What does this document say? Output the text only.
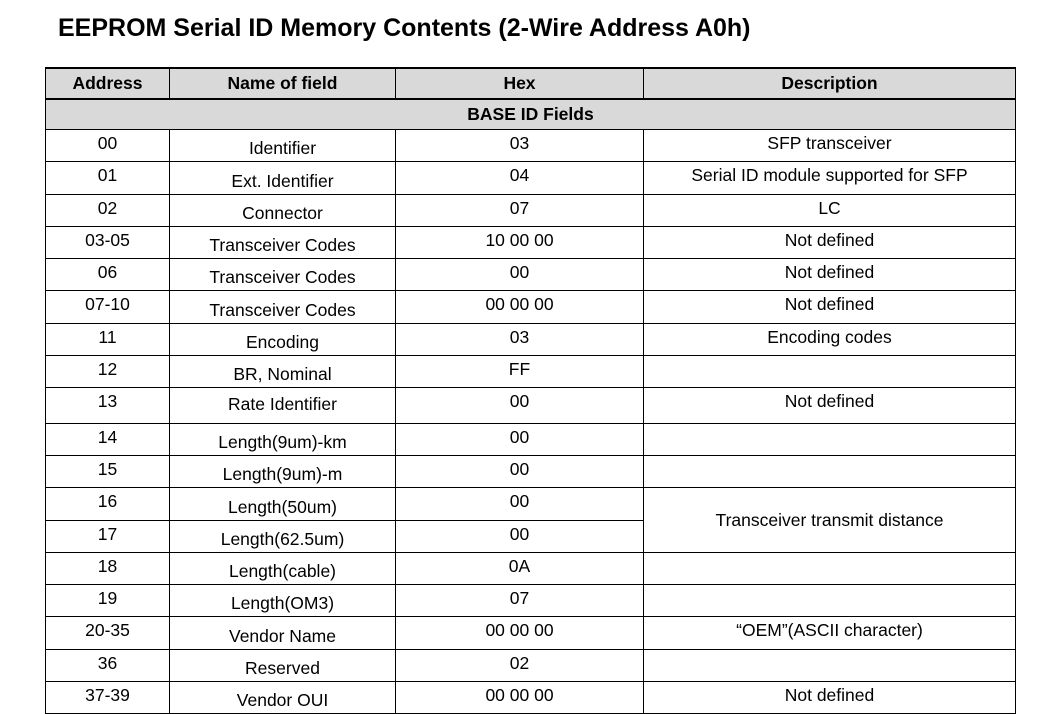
EEPROM Serial ID Memory Contents (2-Wire Address A0h)
Address	Name of field	Hex	Description
BASE ID Fields			
00	Identifier	03	SFP transceiver
01	Ext. Identifier	04	Serial ID module supported for SFP
02	Connector	07	LC
03-05	Transceiver Codes	10 00 00	Not defined
06	Transceiver Codes	00	Not defined
07-10	Transceiver Codes	00 00 00	Not defined
11	Encoding	03	Encoding codes
12	BR, Nominal	FF	
13	Rate Identifier	00	Not defined
14	Length(9um)-km	00	
15	Length(9um)-m	00	
16	Length(50um)	00	Transceiver transmit distance
17	Length(62.5um)	00	
18	Length(cable)	0A	
19	Length(OM3)	07	
20-35	Vendor Name	00 00 00	“OEM”(ASCII character)
36	Reserved	02	
37-39	Vendor OUI	00 00 00	Not defined
